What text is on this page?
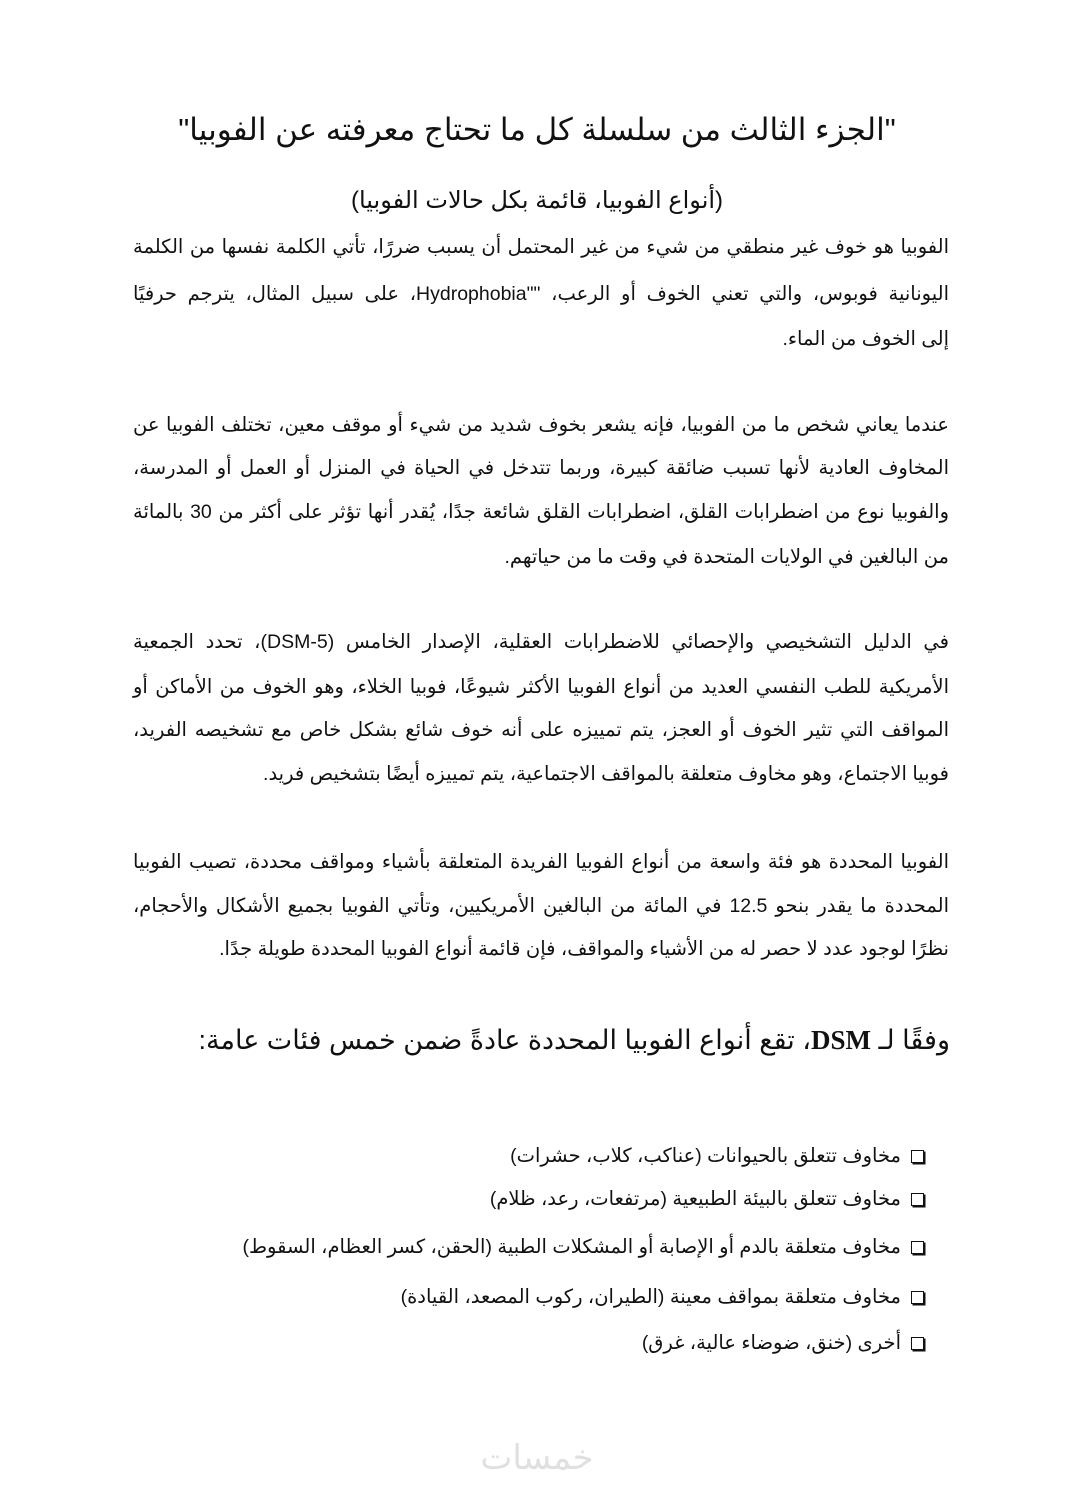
"الجزء الثالث من سلسلة كل ما تحتاج معرفته عن الفوبيا"
(أنواع الفوبيا، قائمة بكل حالات الفوبيا)
الفوبيا هو خوف غير منطقي من شيء من غير المحتمل أن يسبب ضررًا، تأتي الكلمة نفسها من الكلمة
اليونانية فوبوس، والتي تعني الخوف أو الرعب، ""Hydrophobia، على سبيل المثال، يترجم حرفيًا
إلى الخوف من الماء.
عندما يعاني شخص ما من الفوبيا، فإنه يشعر بخوف شديد من شيء أو موقف معين، تختلف الفوبيا عن
المخاوف العادية لأنها تسبب ضائقة كبيرة، وربما تتدخل في الحياة في المنزل أو العمل أو المدرسة،
والفوبيا نوع من اضطرابات القلق، اضطرابات القلق شائعة جدًا، يُقدر أنها تؤثر على أكثر من 30 بالمائة
من البالغين في الولايات المتحدة في وقت ما من حياتهم.
في الدليل التشخيصي والإحصائي للاضطرابات العقلية، الإصدار الخامس (5-DSM)، تحدد الجمعية
الأمريكية للطب النفسي العديد من أنواع الفوبيا الأكثر شيوعًا، فوبيا الخلاء، وهو الخوف من الأماكن أو
المواقف التي تثير الخوف أو العجز، يتم تمييزه على أنه خوف شائع بشكل خاص مع تشخيصه الفريد،
فوبيا الاجتماع، وهو مخاوف متعلقة بالمواقف الاجتماعية، يتم تمييزه أيضًا بتشخيص فريد.
الفوبيا المحددة هو فئة واسعة من أنواع الفوبيا الفريدة المتعلقة بأشياء ومواقف محددة، تصيب الفوبيا
المحددة ما يقدر بنحو 12.5 في المائة من البالغين الأمريكيين، وتأتي الفوبيا بجميع الأشكال والأحجام،
نظرًا لوجود عدد لا حصر له من الأشياء والمواقف، فإن قائمة أنواع الفوبيا المحددة طويلة جدًا.
وفقًا لـ DSM، تقع أنواع الفوبيا المحددة عادةً ضمن خمس فئات عامة:
مخاوف تتعلق بالحيوانات (عناكب، كلاب، حشرات)
مخاوف تتعلق بالبيئة الطبيعية (مرتفعات، رعد، ظلام)
مخاوف متعلقة بالدم أو الإصابة أو المشكلات الطبية (الحقن، كسر العظام، السقوط)
مخاوف متعلقة بمواقف معينة (الطيران، ركوب المصعد، القيادة)
أخرى (خنق، ضوضاء عالية، غرق)
خمسات
